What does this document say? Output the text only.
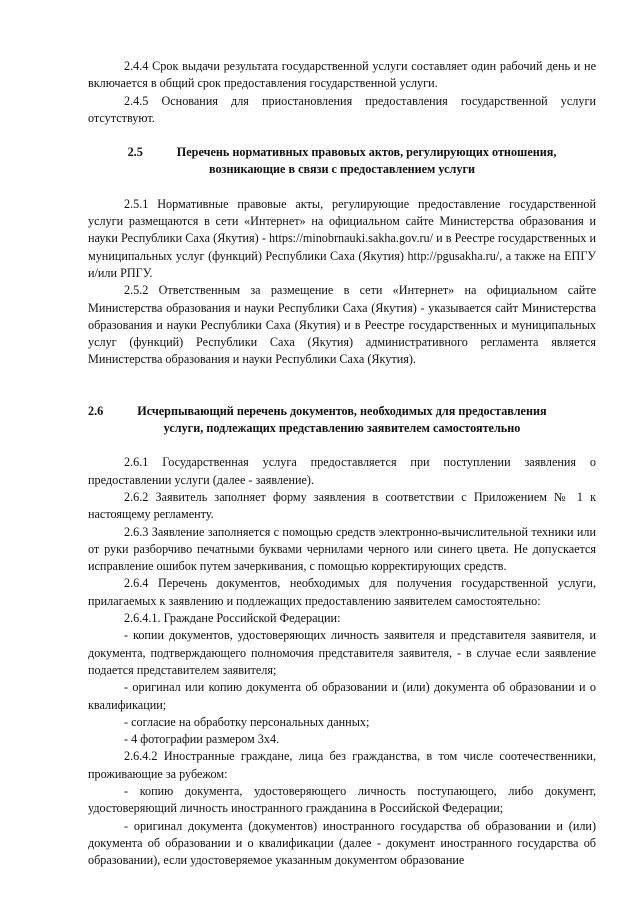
2.4.4 Срок выдачи результата государственной услуги составляет один рабочий день и не включается в общий срок предоставления государственной услуги.

2.4.5 Основания для приостановления предоставления государственной услуги отсутствуют.

2.5	Перечень нормативных правовых актов, регулирующих отношения,
возникающие в связи с предоставлением услуги

2.5.1 Нормативные правовые акты, регулирующие предоставление государственной услуги размещаются в сети «Интернет» на официальном сайте Министерства образования и науки Республики Саха (Якутия) - https://minobrnauki.sakha.gov.ru/ и в Реестре государственных и муниципальных услуг (функций) Республики Саха (Якутия) http://pgusakha.ru/, а также на ЕПГУ и/или РПГУ.

2.5.2 Ответственным за размещение в сети «Интернет» на официальном сайте Министерства образования и науки Республики Саха (Якутия) - указывается сайт Министерства образования и науки Республики Саха (Якутия) и в Реестре государственных и муниципальных услуг (функций) Республики Саха (Якутия) административного регламента является Министерства образования и науки Республики Саха (Якутия).

2.6	Исчерпывающий перечень документов, необходимых для предоставления

услуги, подлежащих представлению заявителем самостоятельно

2.6.1 Государственная услуга предоставляется при поступлении заявления о предоставлении услуги (далее - заявление).

2.6.2 Заявитель заполняет форму заявления в соответствии с Приложением № 1 к настоящему регламенту.

2.6.3 Заявление заполняется с помощью средств электронно-вычислительной техники или от руки разборчиво печатными буквами чернилами черного или синего цвета. Не допускается исправление ошибок путем зачеркивания, с помощью корректирующих средств.

2.6.4 Перечень документов, необходимых для получения государственной услуги, прилагаемых к заявлению и подлежащих предоставлению заявителем самостоятельно:

2.6.4.1. Граждане Российской Федерации:

- копии документов, удостоверяющих личность заявителя и представителя заявителя, и документа, подтверждающего полномочия представителя заявителя, - в случае если заявление подается представителем заявителя;

- оригинал или копию документа об образовании и (или) документа об образовании и о квалификации;

- согласие на обработку персональных данных;

- 4 фотографии размером 3х4.

2.6.4.2 Иностранные граждане, лица без гражданства, в том числе соотечественники, проживающие за рубежом:

- копию документа, удостоверяющего личность поступающего, либо документ, удостоверяющий личность иностранного гражданина в Российской Федерации;

- оригинал документа (документов) иностранного государства об образовании и (или) документа об образовании и о квалификации (далее - документ иностранного государства об образовании), если удостоверяемое указанным документом образование
